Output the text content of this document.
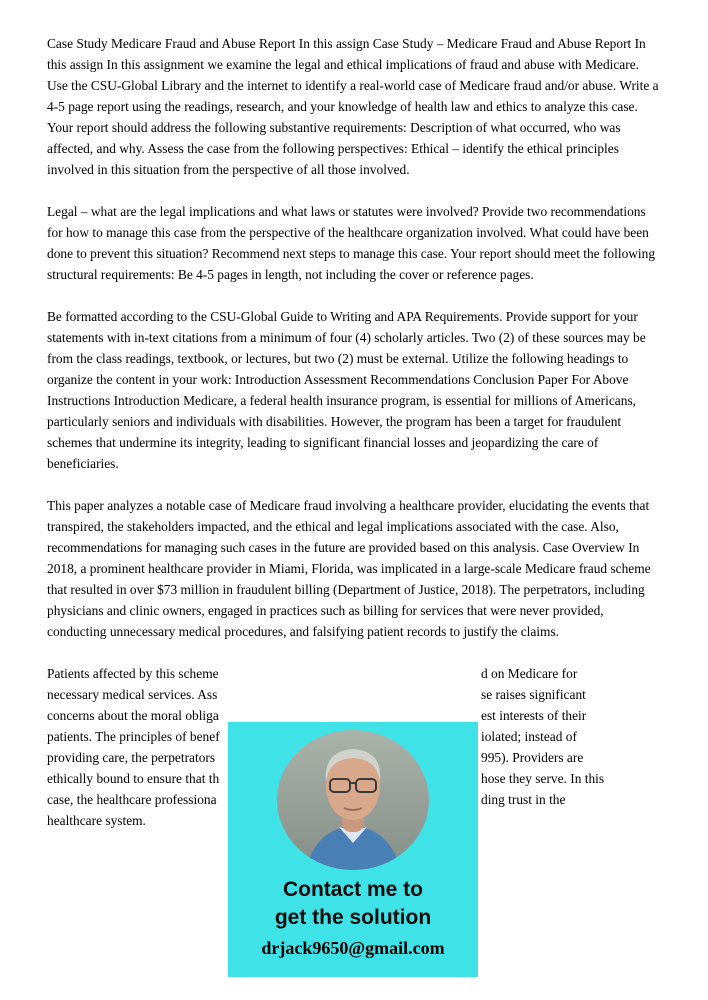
Case Study Medicare Fraud and Abuse Report In this assign Case Study – Medicare Fraud and Abuse Report In this assign In this assignment we examine the legal and ethical implications of fraud and abuse with Medicare. Use the CSU-Global Library and the internet to identify a real-world case of Medicare fraud and/or abuse. Write a 4-5 page report using the readings, research, and your knowledge of health law and ethics to analyze this case. Your report should address the following substantive requirements: Description of what occurred, who was affected, and why. Assess the case from the following perspectives: Ethical – identify the ethical principles involved in this situation from the perspective of all those involved.

Legal – what are the legal implications and what laws or statutes were involved? Provide two recommendations for how to manage this case from the perspective of the healthcare organization involved. What could have been done to prevent this situation? Recommend next steps to manage this case. Your report should meet the following structural requirements: Be 4-5 pages in length, not including the cover or reference pages.

Be formatted according to the CSU-Global Guide to Writing and APA Requirements. Provide support for your statements with in-text citations from a minimum of four (4) scholarly articles. Two (2) of these sources may be from the class readings, textbook, or lectures, but two (2) must be external. Utilize the following headings to organize the content in your work: Introduction Assessment Recommendations Conclusion Paper For Above Instructions Introduction Medicare, a federal health insurance program, is essential for millions of Americans, particularly seniors and individuals with disabilities. However, the program has been a target for fraudulent schemes that undermine its integrity, leading to significant financial losses and jeopardizing the care of beneficiaries.

This paper analyzes a notable case of Medicare fraud involving a healthcare provider, elucidating the events that transpired, the stakeholders impacted, and the ethical and legal implications associated with the case. Also, recommendations for managing such cases in the future are provided based on this analysis. Case Overview In 2018, a prominent healthcare provider in Miami, Florida, was implicated in a large-scale Medicare fraud scheme that resulted in over $73 million in fraudulent billing (Department of Justice, 2018). The perpetrators, including physicians and clinic owners, engaged in practices such as billing for services that were never provided, conducting unnecessary medical procedures, and falsifying patient records to justify the claims.

Patients affected by this scheme	d on Medicare for
necessary medical services. Ass	se raises significant
concerns about the moral obliga	est interests of their
patients. The principles of benef	iolated; instead of
providing care, the perpetrators	995). Providers are
ethically bound to ensure that th	hose they serve. In this
case, the healthcare professiona	ding trust in the
healthcare system.
Contact me to
get the solution
drjack9650@gmail.com
